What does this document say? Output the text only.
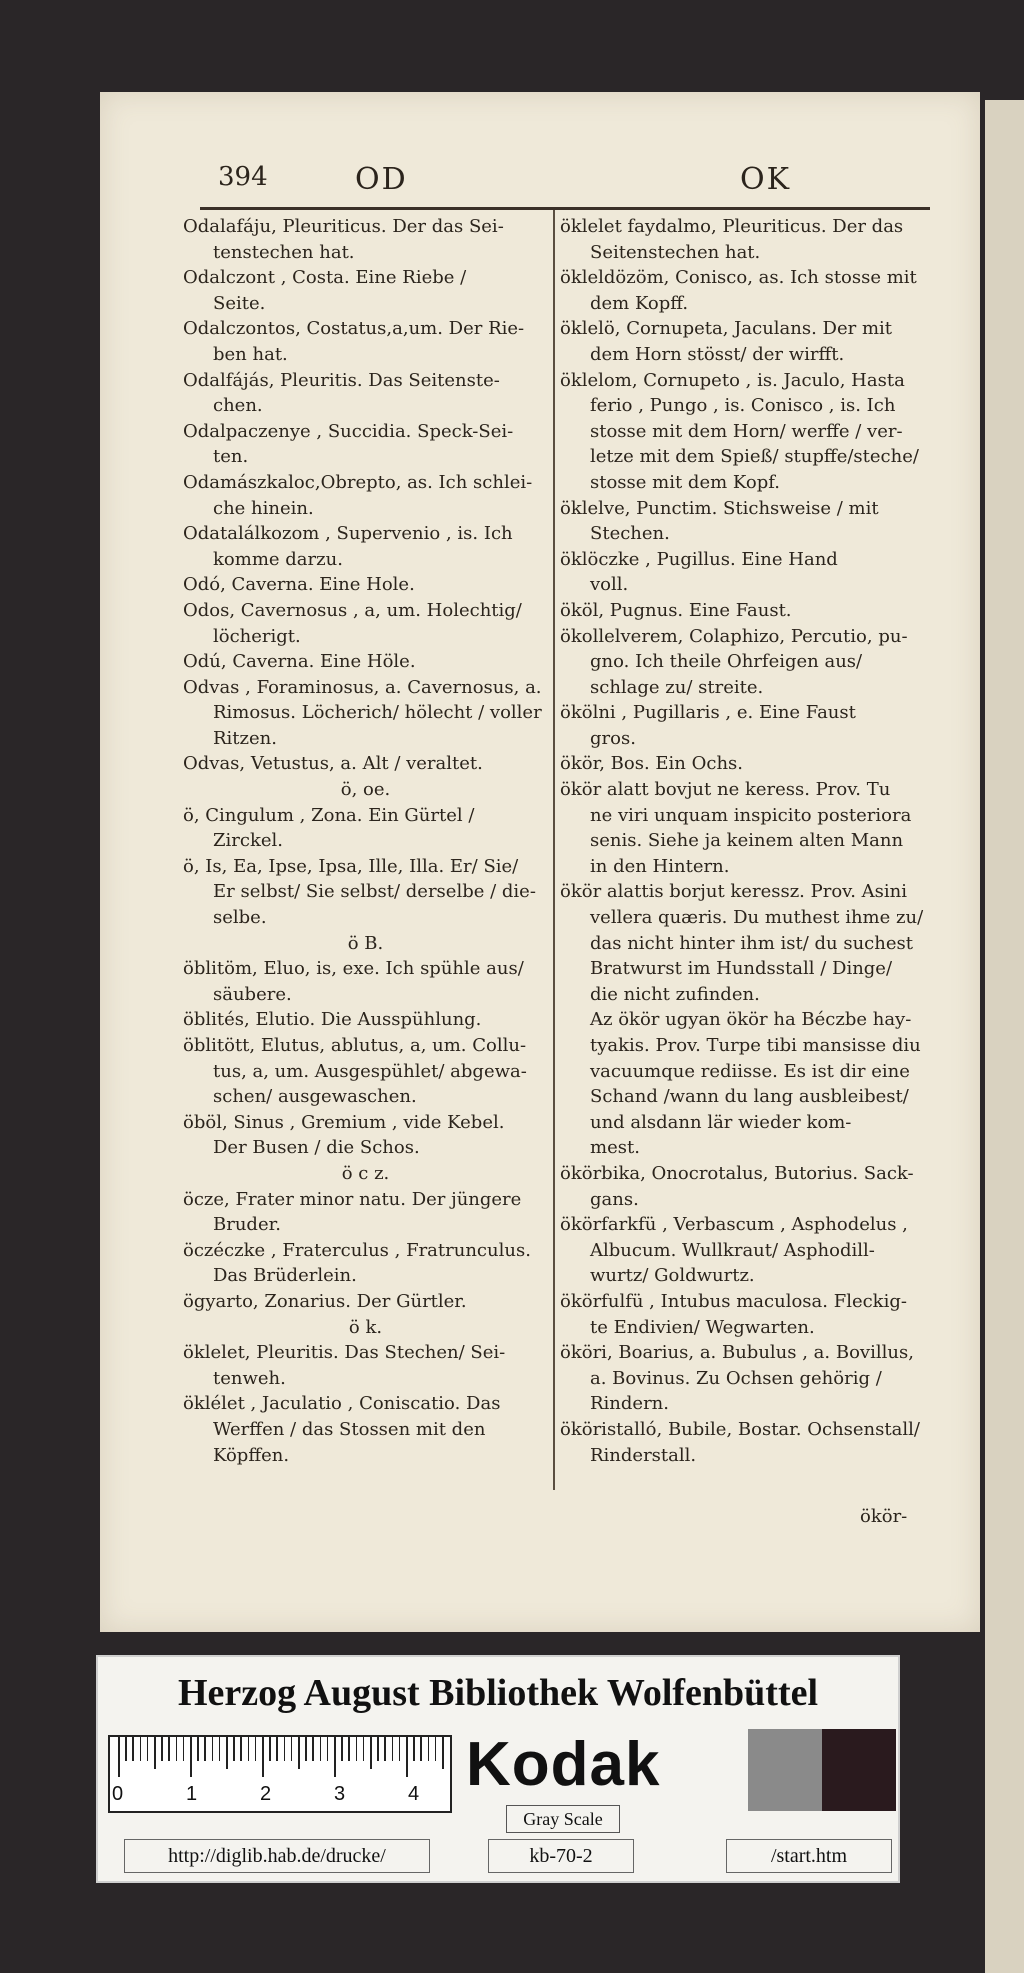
394	OD	OK
Odalafáju, Pleuriticus. Der das Sei-
tenstechen hat.
Odalczont , Costa. Eine Riebe /
Seite.
Odalczontos, Costatus,a,um. Der Rie-
ben hat.
Odalfájás, Pleuritis. Das Seitenste-
chen.
Odalpaczenye , Succidia. Speck-Sei-
ten.
Odamászkaloc,Obrepto, as. Ich schlei-
che hinein.
Odatalálkozom , Supervenio , is. Ich
komme darzu.
Odó, Caverna. Eine Hole.
Odos, Cavernosus , a, um. Holechtig/
löcherigt.
Odú, Caverna. Eine Höle.
Odvas , Foraminosus, a. Cavernosus, a.
Rimosus. Löcherich/ hölecht / voller
Ritzen.
Odvas, Vetustus, a. Alt / veraltet.
ö, oe.
ö, Cingulum , Zona. Ein Gürtel /
Zirckel.
ö, Is, Ea, Ipse, Ipsa, Ille, Illa. Er/ Sie/
Er selbst/ Sie selbst/ derselbe / die-
selbe.
ö B.
öblitöm, Eluo, is, exe. Ich spühle aus/
säubere.
öblités, Elutio. Die Ausspühlung.
öblitött, Elutus, ablutus, a, um. Collu-
tus, a, um. Ausgespühlet/ abgewa-
schen/ ausgewaschen.
öböl, Sinus , Gremium , vide Kebel.
Der Busen / die Schos.
ö c z.
öcze, Frater minor natu. Der jüngere
Bruder.
öczéczke , Fraterculus , Fratrunculus.
Das Brüderlein.
ögyarto, Zonarius. Der Gürtler.
ö k.
öklelet, Pleuritis. Das Stechen/ Sei-
tenweh.
öklélet , Jaculatio , Coniscatio. Das
Werffen / das Stossen mit den
Köpffen.
öklelet faydalmo, Pleuriticus. Der das
Seitenstechen hat.
ökleldözöm, Conisco, as. Ich stosse mit
dem Kopff.
öklelö, Cornupeta, Jaculans. Der mit
dem Horn stösst/ der wirfft.
öklelom, Cornupeto , is. Jaculo, Hasta
ferio , Pungo , is. Conisco , is. Ich
stosse mit dem Horn/ werffe / ver-
letze mit dem Spieß/ stupffe/steche/
stosse mit dem Kopf.
öklelve, Punctim. Stichsweise / mit
Stechen.
öklöczke , Pugillus. Eine Hand
voll.
ököl, Pugnus. Eine Faust.
ökollelverem, Colaphizo, Percutio, pu-
gno. Ich theile Ohrfeigen aus/
schlage zu/ streite.
ökölni , Pugillaris , e. Eine Faust
gros.
ökör, Bos. Ein Ochs.
ökör alatt bovjut ne keress. Prov. Tu
ne viri unquam inspicito posteriora
senis. Siehe ja keinem alten Mann
in den Hintern.
ökör alattis borjut keressz. Prov. Asini
vellera quæris. Du muthest ihme zu/
das nicht hinter ihm ist/ du suchest
Bratwurst im Hundsstall / Dinge/
die nicht zufinden.
Az ökör ugyan ökör ha Béczbe hay-
tyakis. Prov. Turpe tibi mansisse diu
vacuumque rediisse. Es ist dir eine
Schand /wann du lang ausbleibest/
und alsdann lär wieder kom-
mest.
ökörbika, Onocrotalus, Butorius. Sack-
gans.
ökörfarkfü , Verbascum , Asphodelus ,
Albucum. Wullkraut/ Asphodill-
wurtz/ Goldwurtz.
ökörfulfü , Intubus maculosa. Fleckig-
te Endivien/ Wegwarten.
ököri, Boarius, a. Bubulus , a. Bovillus,
a. Bovinus. Zu Ochsen gehörig /
Rindern.
ököristalló, Bubile, Bostar. Ochsenstall/
Rinderstall.
ökör-
Herzog August Bibliothek Wolfenbüttel
0	1	2	3	4 Kodak
Gray Scale
http://diglib.hab.de/drucke/	kb-70-2	/start.htm
